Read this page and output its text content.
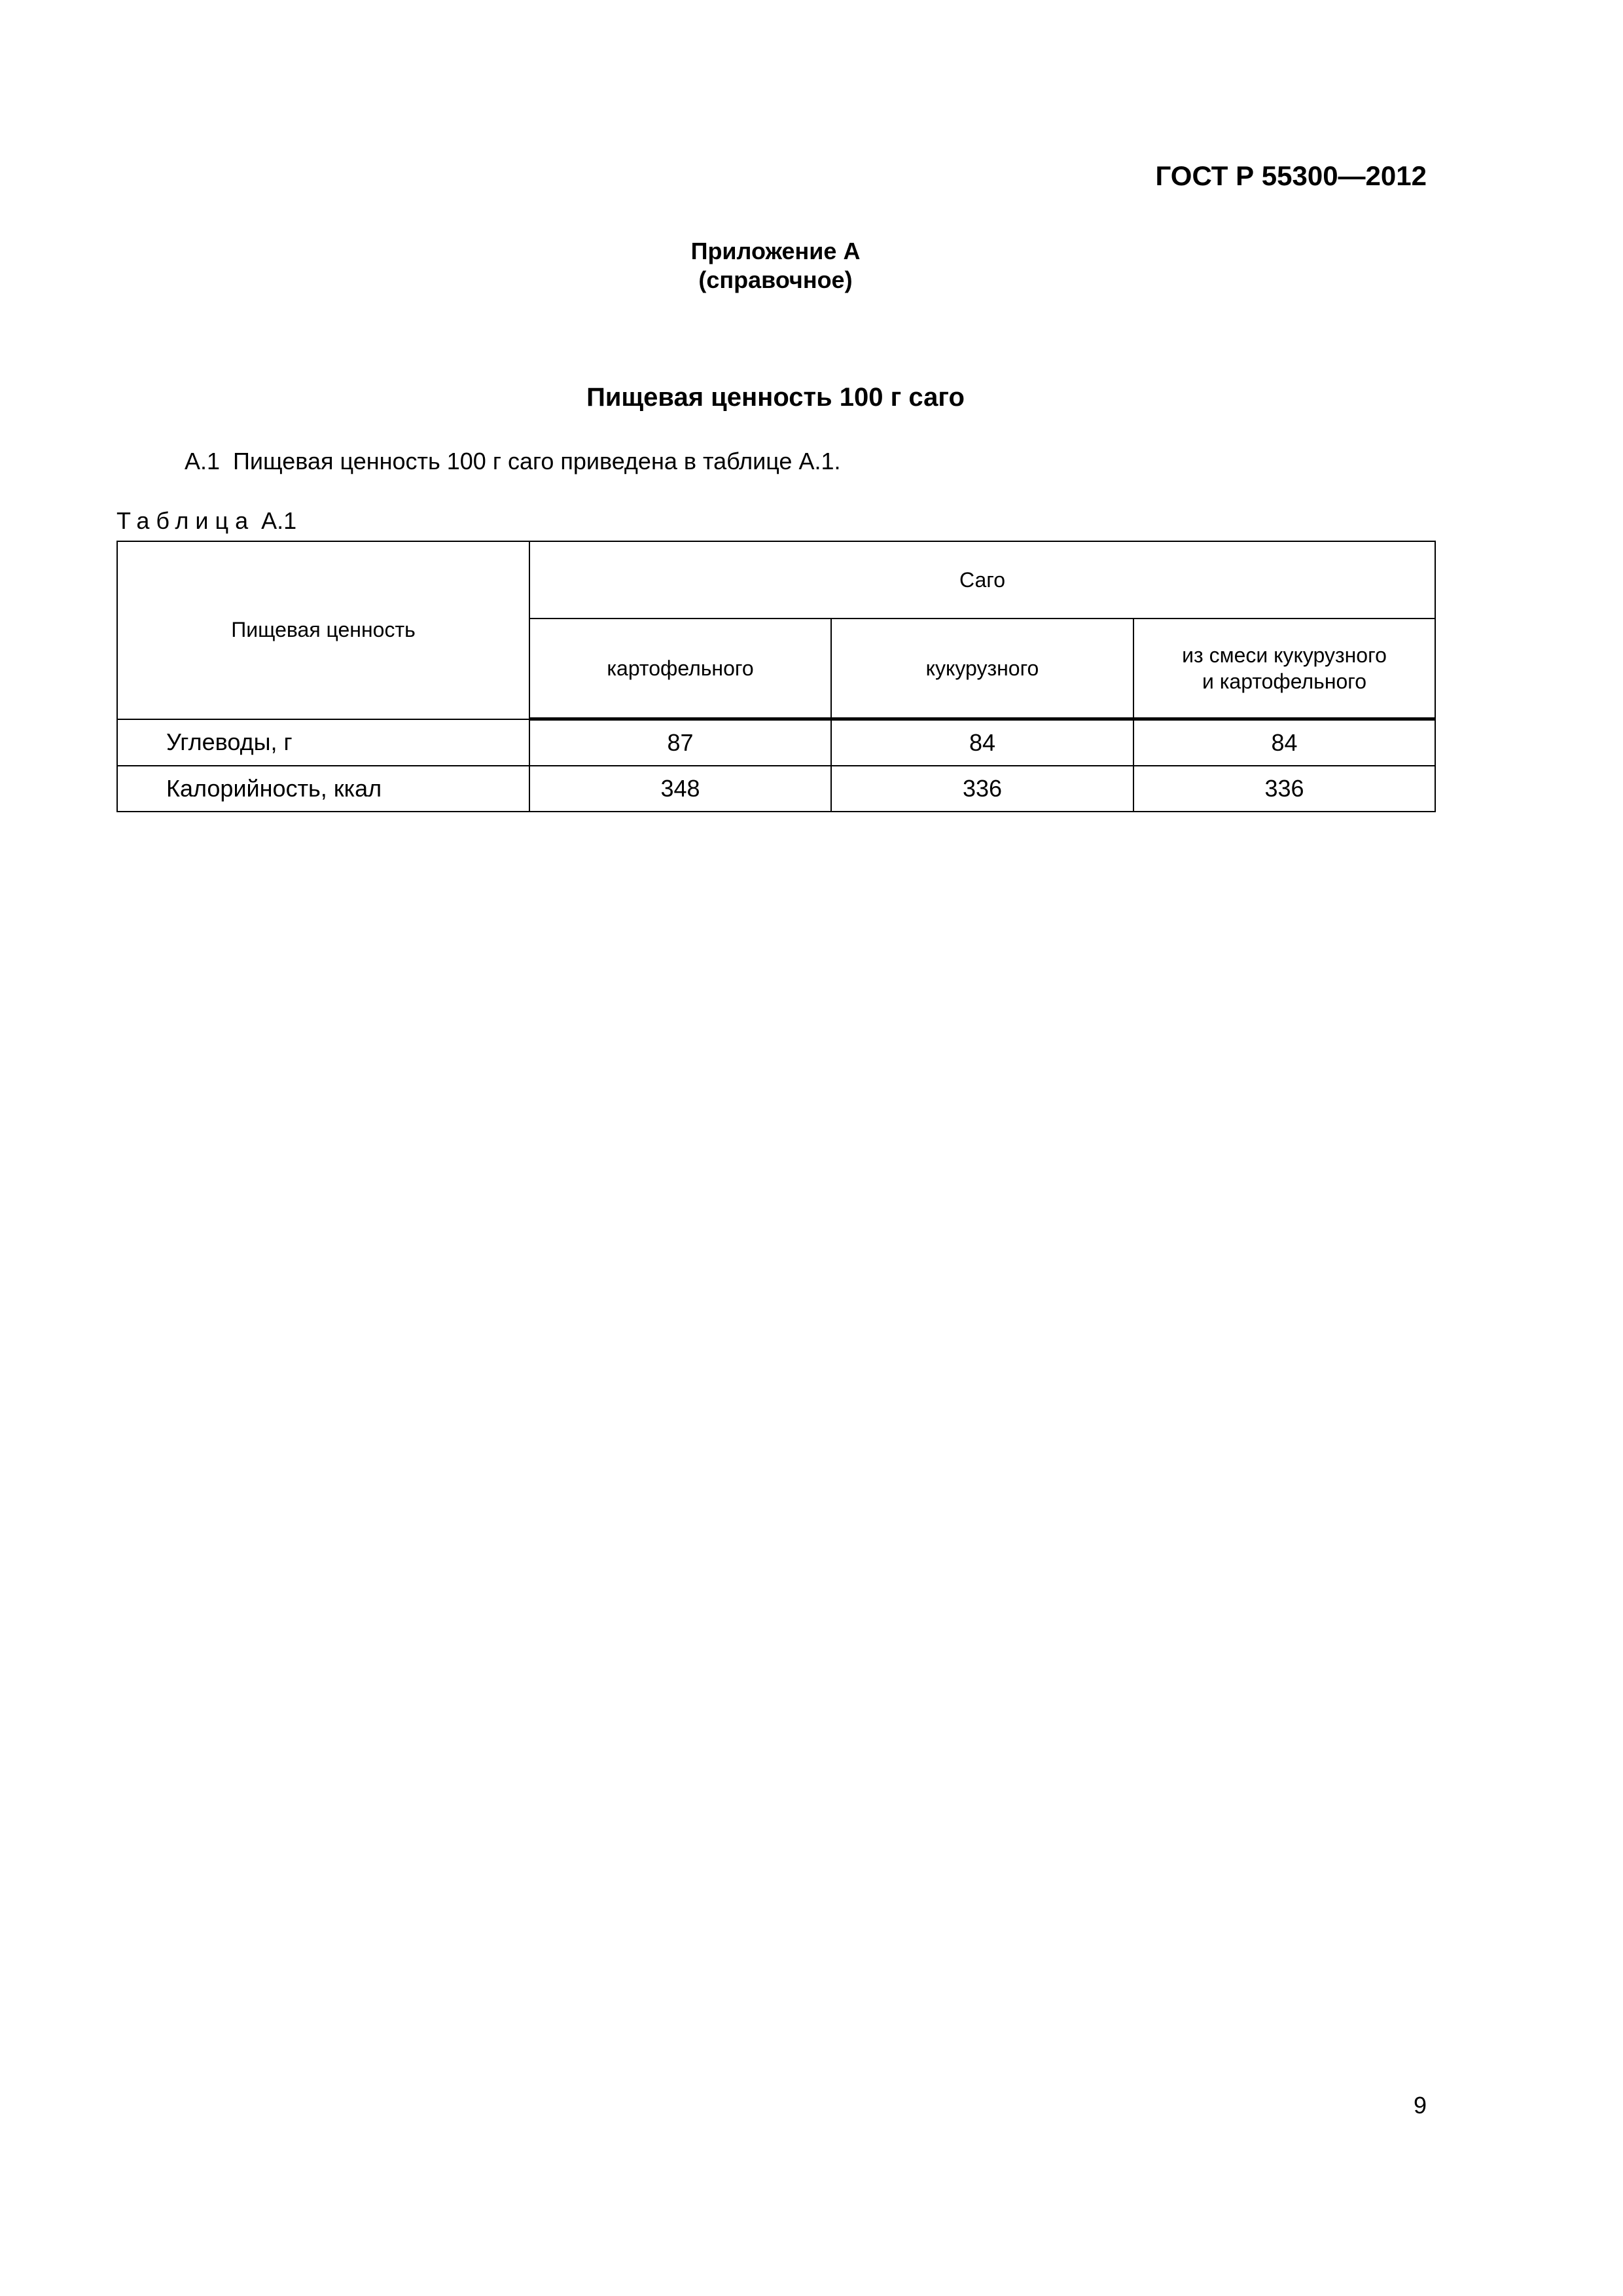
ГОСТ Р 55300—2012
Приложение А
(справочное)
Пищевая ценность 100 г саго
А.1  Пищевая ценность 100 г саго приведена в таблице А.1.
Таблица А.1
Пищевая ценность	Саго		
	картофельного	кукурузного	из смеси кукурузного
и картофельного
Углеводы, г	87	84	84
Калорийность, ккал	348	336	336
9
